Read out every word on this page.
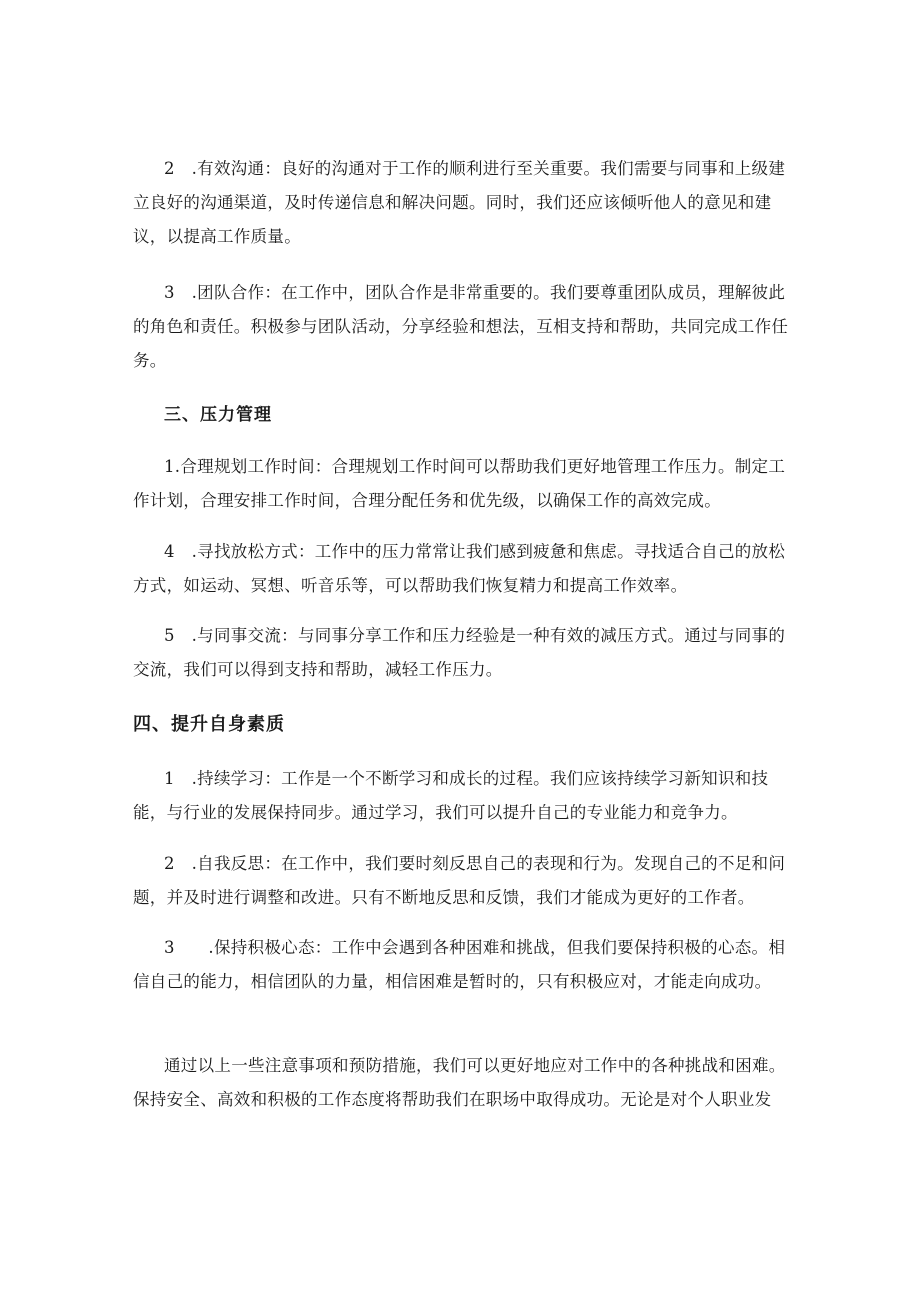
2　.有效沟通：良好的沟通对于工作的顺利进行至关重要。我们需要与同事和上级建立良好的沟通渠道，及时传递信息和解决问题。同时，我们还应该倾听他人的意见和建议，以提高工作质量。

3　.团队合作：在工作中，团队合作是非常重要的。我们要尊重团队成员，理解彼此的角色和责任。积极参与团队活动，分享经验和想法，互相支持和帮助，共同完成工作任务。

三、压力管理

1.合理规划工作时间：合理规划工作时间可以帮助我们更好地管理工作压力。制定工作计划，合理安排工作时间，合理分配任务和优先级，以确保工作的高效完成。

4　.寻找放松方式：工作中的压力常常让我们感到疲惫和焦虑。寻找适合自己的放松方式，如运动、冥想、听音乐等，可以帮助我们恢复精力和提高工作效率。

5　.与同事交流：与同事分享工作和压力经验是一种有效的减压方式。通过与同事的交流，我们可以得到支持和帮助，减轻工作压力。

四、提升自身素质

1　.持续学习：工作是一个不断学习和成长的过程。我们应该持续学习新知识和技能，与行业的发展保持同步。通过学习，我们可以提升自己的专业能力和竞争力。

2　.自我反思：在工作中，我们要时刻反思自己的表现和行为。发现自己的不足和问题，并及时进行调整和改进。只有不断地反思和反馈，我们才能成为更好的工作者。

3　　.保持积极心态：工作中会遇到各种困难和挑战，但我们要保持积极的心态。相信自己的能力，相信团队的力量，相信困难是暂时的，只有积极应对，才能走向成功。

通过以上一些注意事项和预防措施，我们可以更好地应对工作中的各种挑战和困难。保持安全、高效和积极的工作态度将帮助我们在职场中取得成功。无论是对个人职业发
